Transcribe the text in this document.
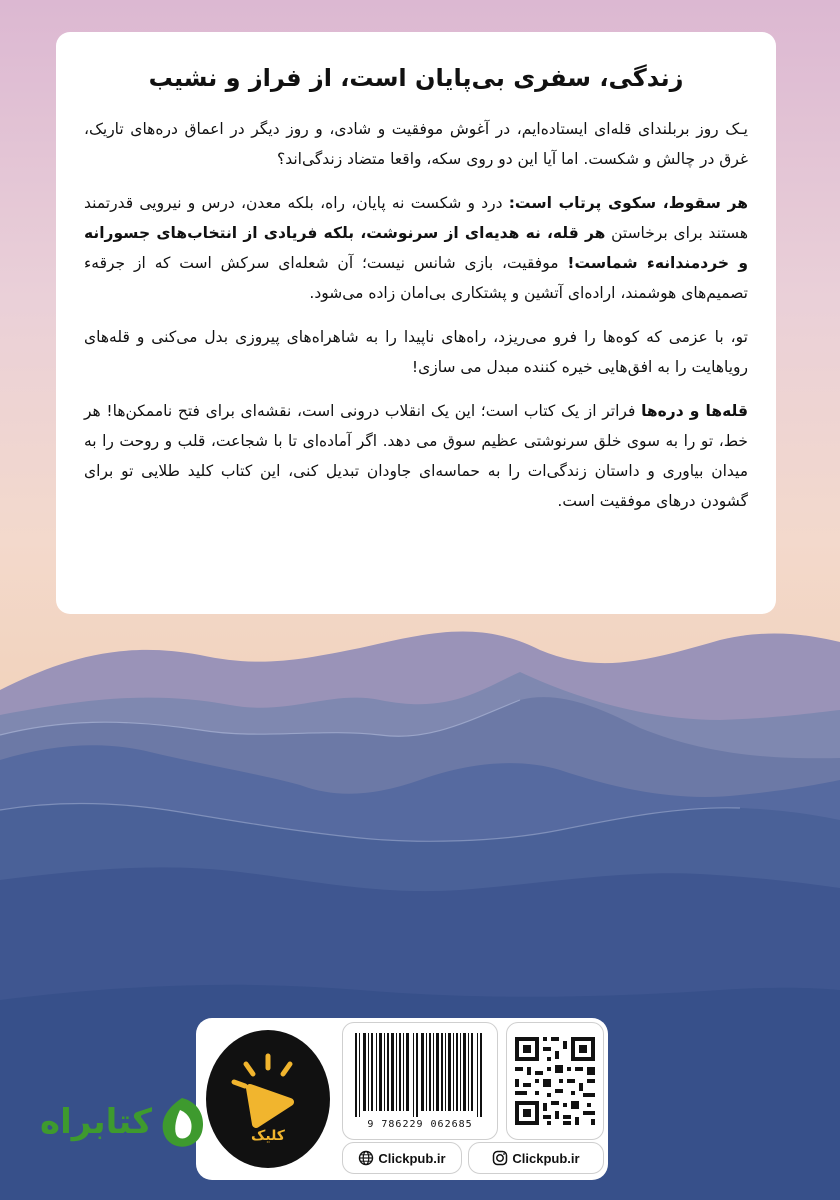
زندگی، سفری بی‌پایان است، از فراز و نشیب

یـک روز بربلندای قله‌ای ایستاده‌ایم، در آغوش موفقیت و شادی، و روز دیگر در اعماق دره‌های تاریک، غرق در چالش و شکست. اما آیا این دو روی سکه، واقعا متضاد زندگی‌اند؟

هر سقوط، سکوی پرتاب است: درد و شکست نه پایان، راه، بلکه معدن، درس و نیرویی قدرتمند هستند برای برخاستن هر قله، نه هدیه‌ای از سرنوشت، بلکه فریادی از انتخاب‌های جسورانه و خردمندانهء شماست! موفقیت، بازی شانس نیست؛ آن شعله‌ای سرکش است که از جرقهء تصمیم‌های هوشمند، اراده‌ای آتشین و پشتکاری بی‌امان زاده می‌شود.

تو، با عزمی که کوه‌ها را فرو می‌ریزد، راه‌های ناپیدا را به شاهراه‌های پیروزی بدل می‌کنی و قله‌های رویاهایت را به افق‌هایی خیره کننده مبدل می سازی!

قله‌ها و دره‌ها فراتر از یک کتاب است؛ این یک انقلاب درونی است، نقشه‌ای برای فتح ناممکن‌ها! هر خط، تو را به سوی خلق سرنوشتی عظیم سوق می دهد. اگر آماده‌ای تا با شجاعت، قلب و روحت را به میدان بیاوری و داستان زندگی‌ات را به حماسه‌ای جاودان تبدیل کنی، این کتاب کلید طلایی تو برای گشودن درهای موفقیت است.

کلیک
9 786229 062685
Clickpub.ir	Clickpub.ir
کتابراه
